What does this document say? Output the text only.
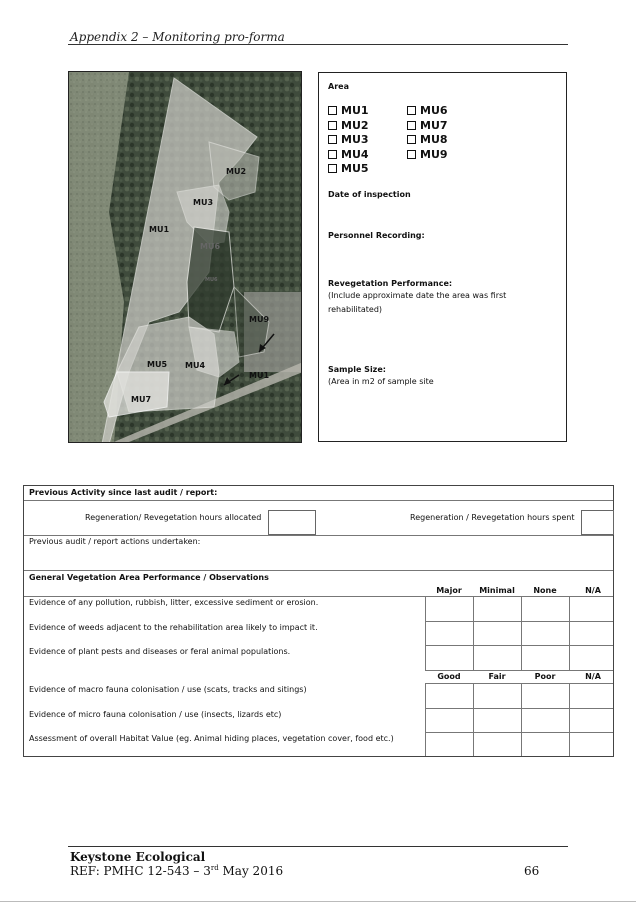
Appendix 2 – Monitoring pro-forma
MU1
MU2
MU3
MU6
MU6
MU9
MU5 MU4
MU1
MU7
Area
MU1
MU2
MU3
MU4
MU5
MU6
MU7
MU8
MU9
Date of inspection
Personnel Recording:
Revegetation Performance:
(Include approximate date the area was first
rehabilitated)
Sample Size:
(Area in m2 of sample site
Previous Activity since last audit / report:
Regeneration/ Revegetation hours allocated	Regeneration / Revegetation hours spent
Previous audit / report actions undertaken:
General Vegetation Area Performance / Observations
Major	Minimal	None	N/A
Evidence of any pollution, rubbish, litter, excessive sediment or erosion.
Evidence of weeds adjacent to the rehabilitation area likely to impact it.
Evidence of plant pests and diseases or feral animal populations.
Good	Fair	Poor	N/A
Evidence of macro fauna colonisation / use (scats, tracks and sitings)
Evidence of micro fauna colonisation / use (insects, lizards etc)
Assessment of overall Habitat Value (eg. Animal hiding places, vegetation cover, food etc.)
Keystone Ecological
REF: PMHC 12-543 – 3rd May 2016	66
